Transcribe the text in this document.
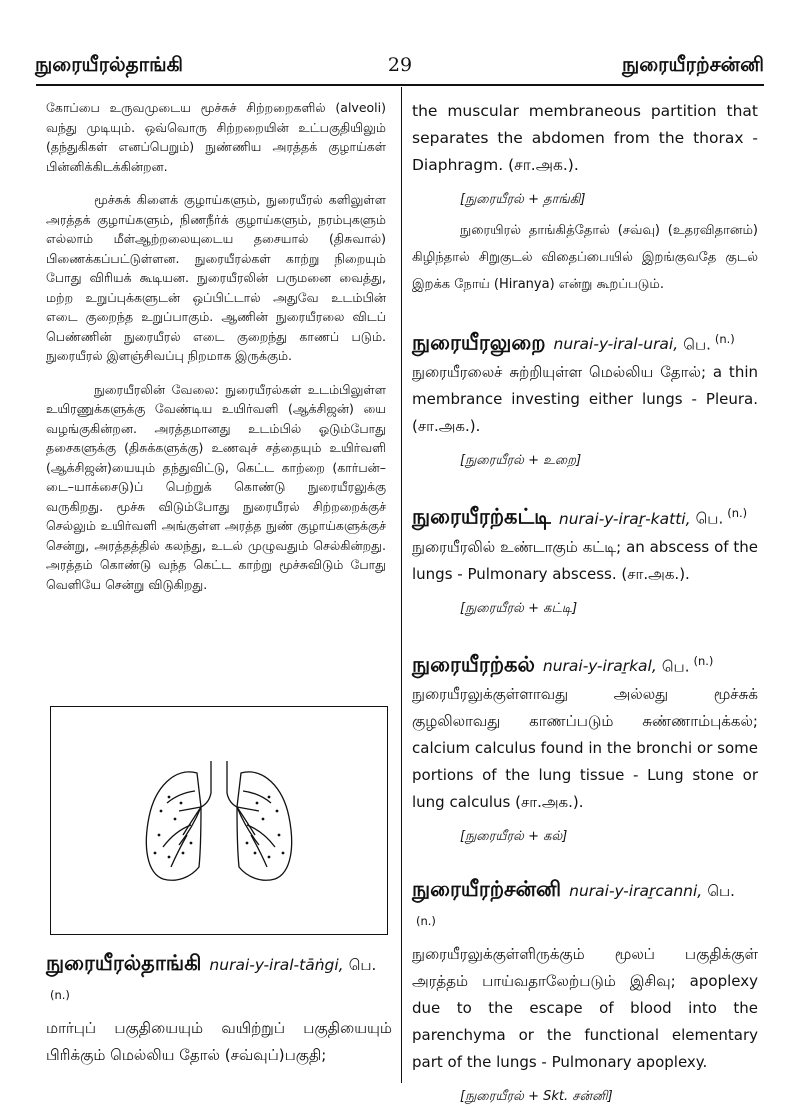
நுரையீரல்தாங்கி	29	நுரையீரற்சன்னி

கோப்பை உருவமுடைய மூச்சுச் சிற்றறைகளில் (alveoli) வந்து முடியும். ஒவ்வொரு சிற்றறையின் உட்பகுதியிலும் (தந்துகிகள் எனப்பெறும்) நுண்ணிய அரத்தக் குழாய்கள் பின்னிக்கிடக்கின்றன.

மூச்சுக் கிளைக் குழாய்களும், நுரையீரல் களிலுள்ள அரத்தக் குழாய்களும், நிணநீர்க் குழாய்களும், நரம்புகளும் எல்லாம் மீள்ஆற்றலையுடைய தசையால் (திசுவால்) பிணைக்கப்பட்டுள்ளன. நுரையீரல்கள் காற்று நிறையும் போது விரியக் கூடியன. நுரையீரலின் பருமனை வைத்து, மற்ற உறுப்புக்களுடன் ஒப்பிட்டால் அதுவே உடம்பின் எடை குறைந்த உறுப்பாகும். ஆணின் நுரையீரலை விடப் பெண்ணின் நுரையீரல் எடை குறைந்து காணப் படும். நுரையீரல் இளஞ்சிவப்பு நிறமாக இருக்கும்.

நுரையீரலின் வேலை: நுரையீரல்கள் உடம்பிலுள்ள உயிரணுக்களுக்கு வேண்டிய உயிர்வளி (ஆக்சிஜன்) யை வழங்குகின்றன. அரத்தமானது உடம்பில் ஓடும்போது தசைகளுக்கு (திசுக்களுக்கு) உணவுச் சத்தையும் உயிர்வளி (ஆக்சிஜன்)யையும் தந்துவிட்டு, கெட்ட காற்றை (கார்பன்–டை–யாக்சைடு)ப் பெற்றுக் கொண்டு நுரையீரலுக்கு வருகிறது. மூச்சு விடும்போது நுரையீரல் சிற்றறைக்குச் செல்லும் உயிர்வளி அங்குள்ள அரத்த நுண் குழாய்களுக்குச் சென்று, அரத்தத்தில் கலந்து, உடல் முழுவதும் செல்கின்றது. அரத்தம் கொண்டு வந்த கெட்ட காற்று மூச்சுவிடும் போது வெளியே சென்று விடுகிறது.

நுரையீரல்தாங்கி nurai-y-iral-tāṅgi, பெ.$^{(n.)}$

மார்புப் பகுதியையும் வயிற்றுப் பகுதியையும் பிரிக்கும் மெல்லிய தோல் (சவ்வுப்)பகுதி;

the muscular membraneous partition that separates the abdomen from the thorax - Diaphragm. (சா.அக.).

[நுரையீரல் + தாங்கி]

நுரையிரல் தாங்கித்தோல் (சவ்வு) (உதரவிதானம்) கிழிந்தால் சிறுகுடல் விதைப்பையில் இறங்குவதே குடல் இறக்க நோய் (Hiranya) என்று கூறப்படும்.

நுரையீரலுறை nurai-y-iral-urai, பெ. $^{(n.)}$

நுரையீரலைச் சுற்றியுள்ள மெல்லிய தோல்; a thin membrance investing either lungs - Pleura. (சா.அக.).

[நுரையீரல் + உறை]

நுரையீரற்கட்டி nurai-y-iraṟ-katti, பெ. $^{(n.)}$

நுரையீரலில் உண்டாகும் கட்டி; an abscess of the lungs - Pulmonary abscess. (சா.அக.).

[நுரையீரல் + கட்டி]

நுரையீரற்கல் nurai-y-iraṟkal, பெ. $^{(n.)}$

நுரையீரலுக்குள்ளாவது அல்லது மூச்சுக் குழலிலாவது காணப்படும் சுண்ணாம்புக்கல்; calcium calculus found in the bronchi or some portions of the lung tissue - Lung stone or lung calculus (சா.அக.).

[நுரையீரல் + கல்]

நுரையீரற்சன்னி nurai-y-iraṟcanni, பெ.$^{(n.)}$

நுரையீரலுக்குள்ளிருக்கும் மூலப் பகுதிக்குள் அரத்தம் பாய்வதாலேற்படும் இசிவு; apoplexy due to the escape of blood into the parenchyma or the functional elementary part of the lungs - Pulmonary apoplexy.

[நுரையீரல் + Skt. சன்னி]
